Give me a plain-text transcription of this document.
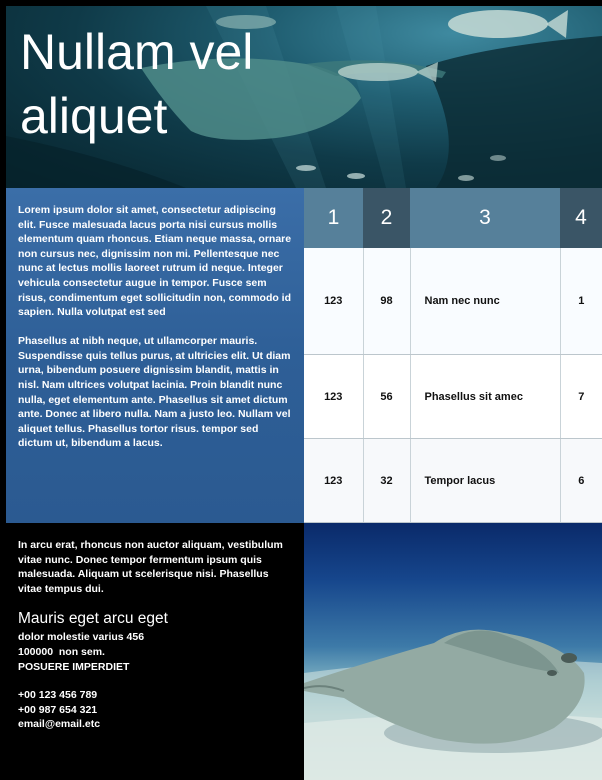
Nullam vel aliquet

Lorem ipsum dolor sit amet, consectetur adipiscing elit. Fusce malesuada lacus porta nisi cursus mollis elementum quam rhoncus. Etiam neque massa, ornare non cursus nec, dignissim non mi. Pellentesque nec nunc at lectus mollis laoreet rutrum id neque. Integer vehicula consectetur augue in tempor. Fusce sem risus, condimentum eget sollicitudin non, commodo id sapien. Nulla volutpat est sed

Phasellus at nibh neque, ut ullamcorper mauris. Suspendisse quis tellus purus, at ultricies elit. Ut diam urna, bibendum posuere dignissim blandit, mattis in nisl. Nam ultrices volutpat lacinia. Proin blandit nunc nulla, eget elementum ante. Phasellus sit amet dictum ante. Donec at libero nulla. Nam a justo leo. Nullam vel aliquet tellus. Phasellus tortor risus. tempor sed dictum ut, bibendum a lacus.

1	2	3	4
123	98	Nam nec nunc	1
123	56	Phasellus sit amec	7
123	32	Tempor lacus	6

In arcu erat, rhoncus non auctor aliquam, vestibulum vitae nunc. Donec tempor fermentum ipsum quis malesuada. Aliquam ut scelerisque nisi. Phasellus vitae tempus dui.

Mauris eget arcu eget
dolor molestie varius 456
100000  non sem.
POSUERE IMPERDIET
+00 123 456 789
+00 987 654 321
email@email.etc
